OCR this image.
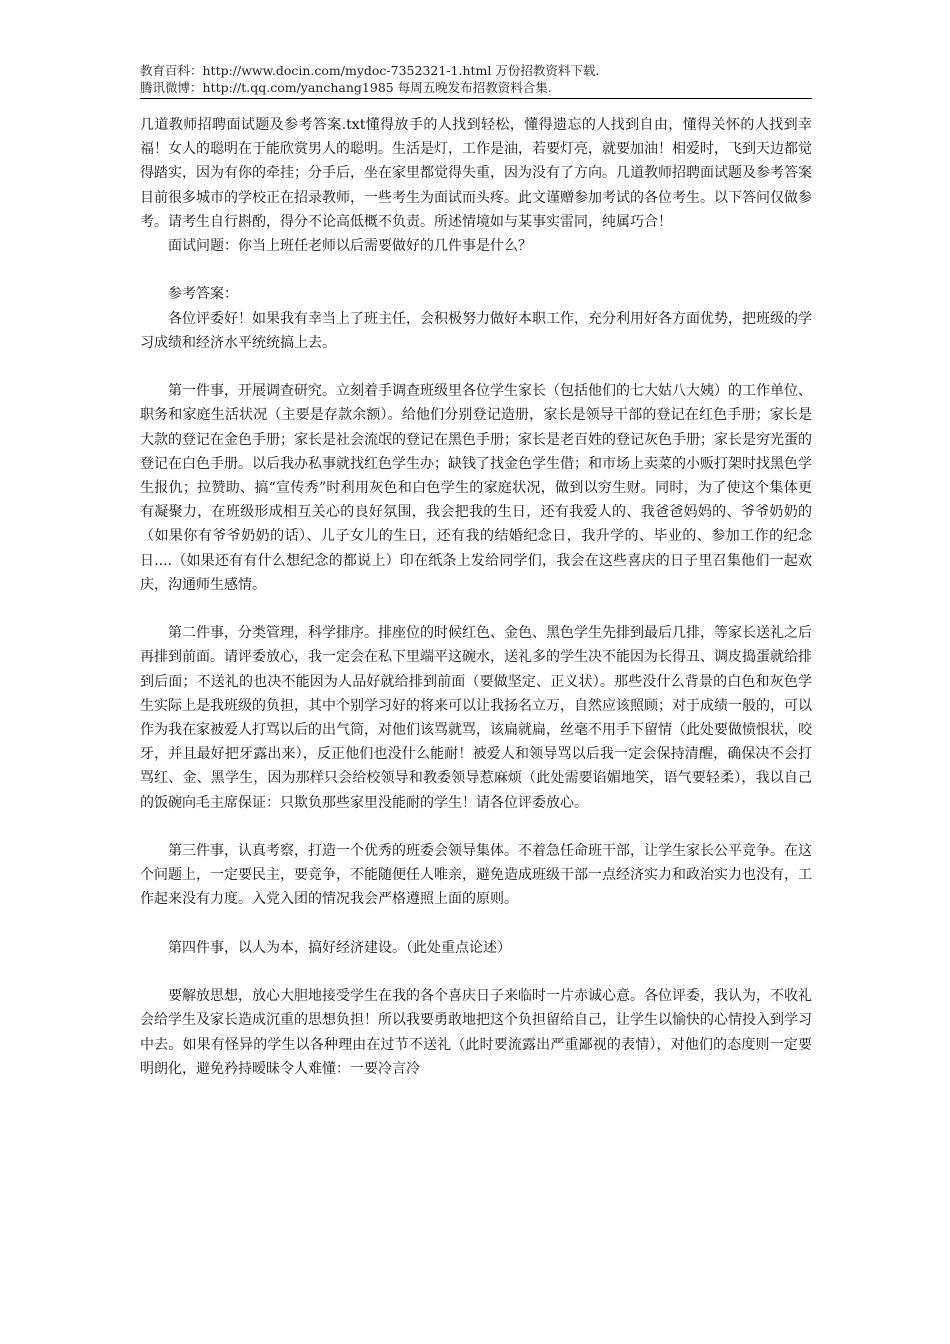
教育百科：http://www.docin.com/mydoc-7352321-1.html 万份招教资料下载.
腾讯微博：http://t.qq.com/yanchang1985 每周五晚发布招教资料合集.

几道教师招聘面试题及参考答案.txt懂得放手的人找到轻松，懂得遗忘的人找到自由，懂得关怀的人找到幸福！女人的聪明在于能欣赏男人的聪明。生活是灯，工作是油，若要灯亮，就要加油！相爱时，飞到天边都觉得踏实，因为有你的牵挂；分手后，坐在家里都觉得失重，因为没有了方向。几道教师招聘面试题及参考答案

目前很多城市的学校正在招录教师，一些考生为面试而头疼。此文谨赠参加考试的各位考生。以下答问仅做参考。请考生自行斟酌，得分不论高低概不负责。所述情境如与某事实雷同，纯属巧合！

面试问题：你当上班任老师以后需要做好的几件事是什么？

参考答案：

各位评委好！如果我有幸当上了班主任，会积极努力做好本职工作，充分利用好各方面优势，把班级的学习成绩和经济水平统统搞上去。

第一件事，开展调查研究。立刻着手调查班级里各位学生家长（包括他们的七大姑八大姨）的工作单位、职务和家庭生活状况（主要是存款余额）。给他们分别登记造册，家长是领导干部的登记在红色手册；家长是大款的登记在金色手册；家长是社会流氓的登记在黑色手册；家长是老百姓的登记灰色手册；家长是穷光蛋的登记在白色手册。以后我办私事就找红色学生办；缺钱了找金色学生借；和市场上卖菜的小贩打架时找黑色学生报仇；拉赞助、搞“宣传秀”时利用灰色和白色学生的家庭状况，做到以穷生财。同时，为了使这个集体更有凝聚力，在班级形成相互关心的良好氛围，我会把我的生日，还有我爱人的、我爸爸妈妈的、爷爷奶奶的（如果你有爷爷奶奶的话）、儿子女儿的生日，还有我的结婚纪念日，我升学的、毕业的、参加工作的纪念日....（如果还有有什么想纪念的都说上）印在纸条上发给同学们，我会在这些喜庆的日子里召集他们一起欢庆，沟通师生感情。

第二件事，分类管理，科学排序。排座位的时候红色、金色、黑色学生先排到最后几排，等家长送礼之后再排到前面。请评委放心，我一定会在私下里端平这碗水，送礼多的学生决不能因为长得丑、调皮捣蛋就给排到后面；不送礼的也决不能因为人品好就给排到前面（要做坚定、正义状）。那些没什么背景的白色和灰色学生实际上是我班级的负担，其中个别学习好的将来可以让我扬名立万，自然应该照顾；对于成绩一般的，可以作为我在家被爱人打骂以后的出气筒，对他们该骂就骂，该扁就扁，丝毫不用手下留情（此处要做愤恨状，咬牙，并且最好把牙露出来），反正他们也没什么能耐！被爱人和领导骂以后我一定会保持清醒，确保决不会打骂红、金、黑学生，因为那样只会给校领导和教委领导惹麻烦（此处需要谄媚地笑，语气要轻柔），我以自己的饭碗向毛主席保证：只欺负那些家里没能耐的学生！请各位评委放心。

第三件事，认真考察，打造一个优秀的班委会领导集体。不着急任命班干部，让学生家长公平竞争。在这个问题上，一定要民主，要竞争，不能随便任人唯亲，避免造成班级干部一点经济实力和政治实力也没有，工作起来没有力度。入党入团的情况我会严格遵照上面的原则。

第四件事，以人为本，搞好经济建设。（此处重点论述）

要解放思想，放心大胆地接受学生在我的各个喜庆日子来临时一片赤诚心意。各位评委，我认为，不收礼会给学生及家长造成沉重的思想负担！所以我要勇敢地把这个负担留给自己，让学生以愉快的心情投入到学习中去。如果有怪异的学生以各种理由在过节不送礼（此时要流露出严重鄙视的表情），对他们的态度则一定要明朗化，避免矜持暧昧令人难懂：一要冷言冷
